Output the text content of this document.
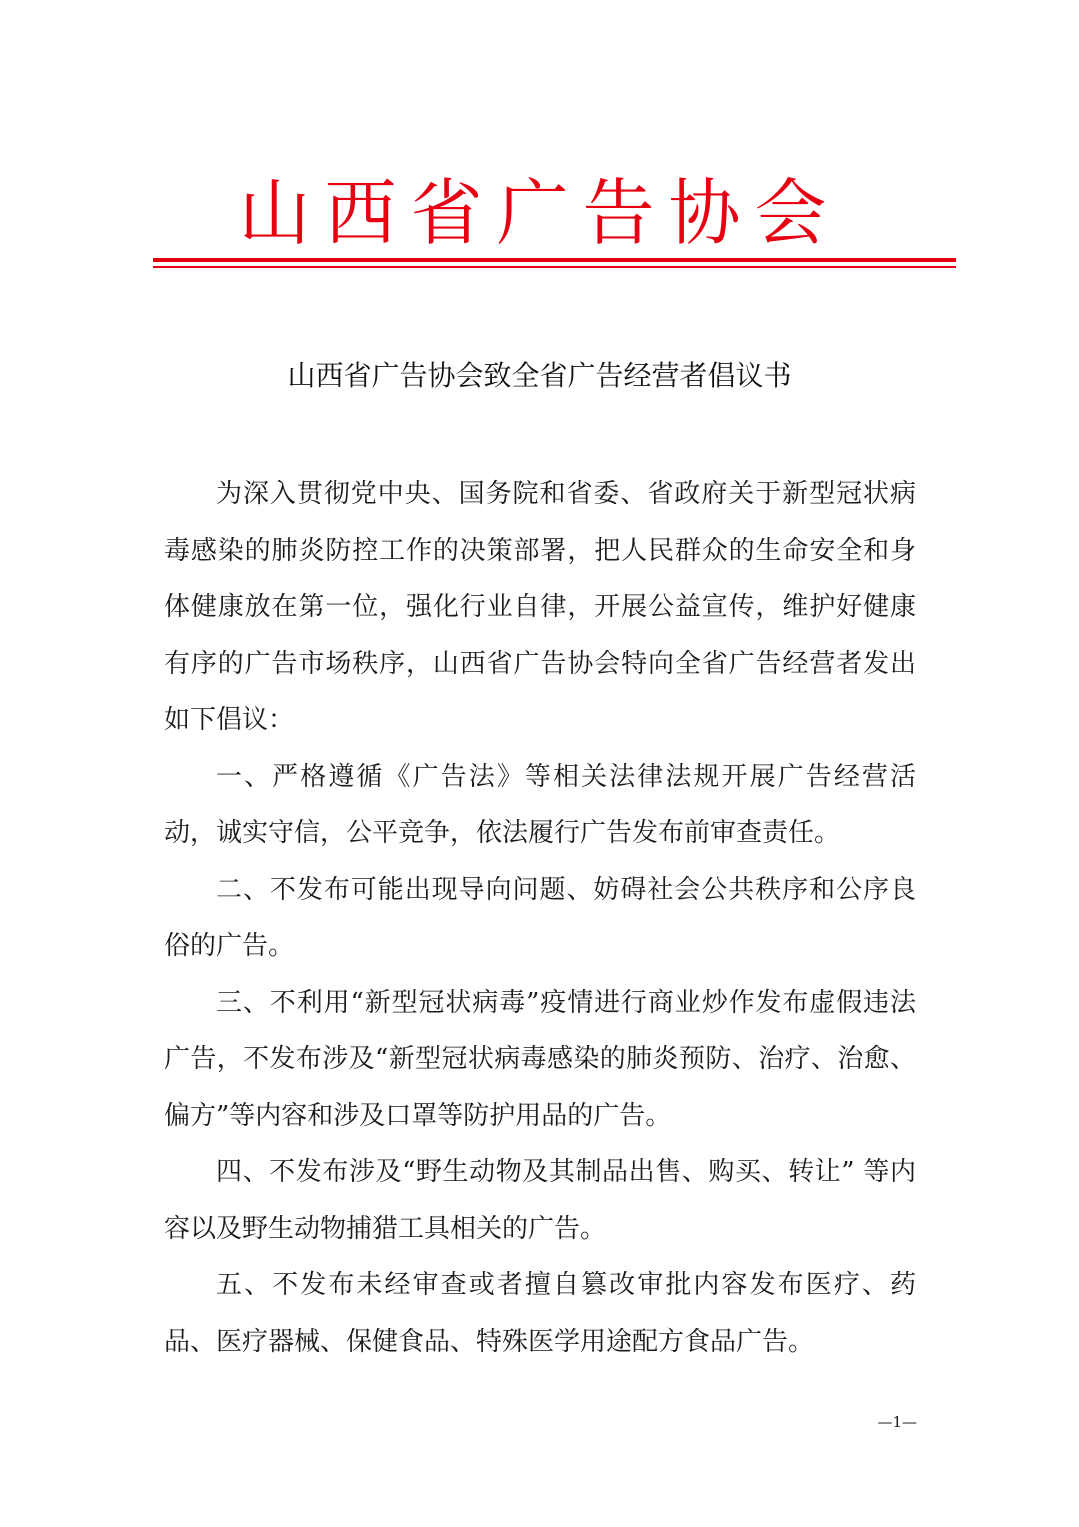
山西省广告协会
山西省广告协会致全省广告经营者倡议书

为深入贯彻党中央、国务院和省委、省政府关于新型冠状病毒感染的肺炎防控工作的决策部署，把人民群众的生命安全和身体健康放在第一位，强化行业自律，开展公益宣传，维护好健康有序的广告市场秩序，山西省广告协会特向全省广告经营者发出如下倡议：

一、严格遵循《广告法》等相关法律法规开展广告经营活动，诚实守信，公平竞争，依法履行广告发布前审查责任。

二、不发布可能出现导向问题、妨碍社会公共秩序和公序良俗的广告。

三、不利用“新型冠状病毒”疫情进行商业炒作发布虚假违法广告，不发布涉及“新型冠状病毒感染的肺炎预防、治疗、治愈、偏方”等内容和涉及口罩等防护用品的广告。

四、不发布涉及“野生动物及其制品出售、购买、转让” 等内容以及野生动物捕猎工具相关的广告。

五、不发布未经审查或者擅自篡改审批内容发布医疗、药品、医疗器械、保健食品、特殊医学用途配方食品广告。

—1—
